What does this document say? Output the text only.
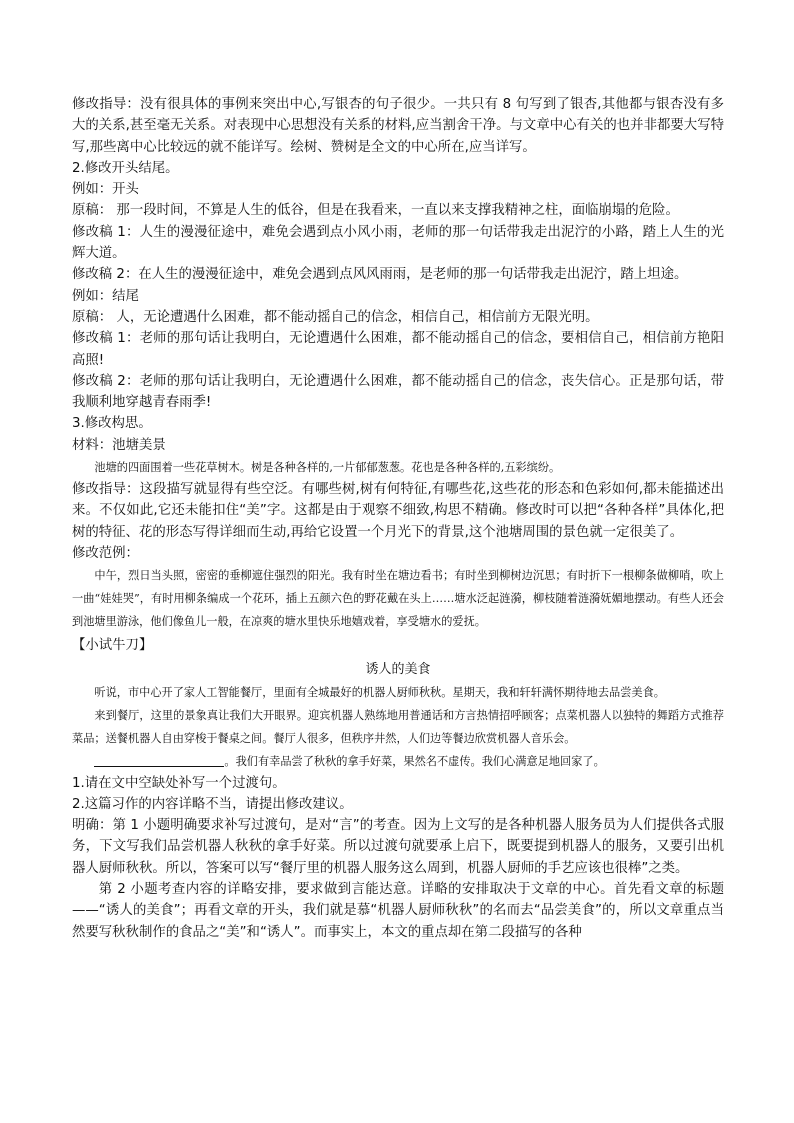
修改指导：没有很具体的事例来突出中心,写银杏的句子很少。一共只有 8 句写到了银杏,其他都与银杏没有多大的关系,甚至毫无关系。对表现中心思想没有关系的材料,应当割舍干净。与文章中心有关的也并非都要大写特写,那些离中心比较远的就不能详写。绘树、赞树是全文的中心所在,应当详写。

2.修改开头结尾。

例如：开头

原稿： 那一段时间，不算是人生的低谷，但是在我看来，一直以来支撑我精神之柱，面临崩塌的危险。

修改稿 1：人生的漫漫征途中，难免会遇到点小风小雨，老师的那一句话带我走出泥泞的小路，踏上人生的光辉大道。

修改稿 2：在人生的漫漫征途中，难免会遇到点风风雨雨，是老师的那一句话带我走出泥泞，踏上坦途。

例如：结尾

原稿： 人，无论遭遇什么困难，都不能动摇自己的信念，相信自己，相信前方无限光明。

修改稿 1：老师的那句话让我明白，无论遭遇什么困难，都不能动摇自己的信念，要相信自己，相信前方艳阳高照!

修改稿 2：老师的那句话让我明白，无论遭遇什么困难，都不能动摇自己的信念，丧失信心。正是那句话，带我顺利地穿越青春雨季!

3.修改构思。

材料：池塘美景

池塘的四面围着一些花草树木。树是各种各样的,一片郁郁葱葱。花也是各种各样的,五彩缤纷。

修改指导：这段描写就显得有些空泛。有哪些树,树有何特征,有哪些花,这些花的形态和色彩如何,都未能描述出来。不仅如此,它还未能扣住“美”字。这都是由于观察不细致,构思不精确。修改时可以把“各种各样”具体化,把树的特征、花的形态写得详细而生动,再给它设置一个月光下的背景,这个池塘周围的景色就一定很美了。

修改范例：

中午，烈日当头照，密密的垂柳遮住强烈的阳光。我有时坐在塘边看书；有时坐到柳树边沉思；有时折下一根柳条做柳哨，吹上一曲“娃娃哭”，有时用柳条编成一个花环，插上五颜六色的野花戴在头上……塘水泛起涟漪，柳枝随着涟漪妩媚地摆动。有些人还会到池塘里游泳，他们像鱼儿一般，在凉爽的塘水里快乐地嬉戏着，享受塘水的爱抚。

【小试牛刀】

诱人的美食

听说，市中心开了家人工智能餐厅，里面有全城最好的机器人厨师秋秋。星期天，我和轩轩满怀期待地去品尝美食。

来到餐厅，这里的景象真让我们大开眼界。迎宾机器人熟练地用普通话和方言热情招呼顾客；点菜机器人以独特的舞蹈方式推荐菜品；送餐机器人自由穿梭于餐桌之间。餐厅人很多，但秩序井然，人们边等餐边欣赏机器人音乐会。

。我们有幸品尝了秋秋的拿手好菜，果然名不虚传。我们心满意足地回家了。

1.请在文中空缺处补写一个过渡句。

2.这篇习作的内容详略不当，请提出修改建议。

明确：第 1 小题明确要求补写过渡句，是对“言”的考查。因为上文写的是各种机器人服务员为人们提供各式服务，下文写我们品尝机器人秋秋的拿手好菜。所以过渡句就要承上启下，既要提到机器人的服务，又要引出机器人厨师秋秋。所以，答案可以写“餐厅里的机器人服务这么周到，机器人厨师的手艺应该也很棒”之类。

第 2 小题考查内容的详略安排，要求做到言能达意。详略的安排取决于文章的中心。首先看文章的标题——“诱人的美食”；再看文章的开头，我们就是慕“机器人厨师秋秋”的名而去“品尝美食”的，所以文章重点当然要写秋秋制作的食品之“美”和“诱人”。而事实上，本文的重点却在第二段描写的各种
